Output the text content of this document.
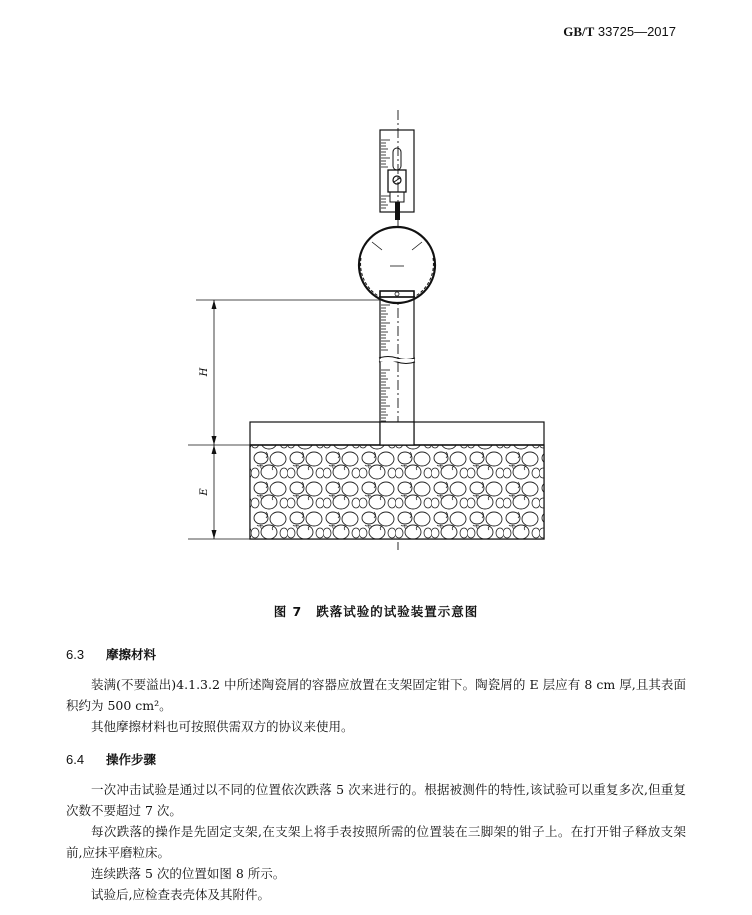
GB/T 33725—2017
H
E
图 7 跌落试验的试验装置示意图
6.3 摩擦材料

装满(不要溢出)4.1.3.2 中所述陶瓷屑的容器应放置在支架固定钳下。陶瓷屑的 E 层应有 8 cm 厚,且其表面积约为 500 cm²。

其他摩擦材料也可按照供需双方的协议来使用。

6.4 操作步骤

一次冲击试验是通过以不同的位置依次跌落 5 次来进行的。根据被测件的特性,该试验可以重复多次,但重复次数不要超过 7 次。

每次跌落的操作是先固定支架,在支架上将手表按照所需的位置装在三脚架的钳子上。在打开钳子释放支架前,应抹平磨粒床。

连续跌落 5 次的位置如图 8 所示。

试验后,应检查表壳体及其附件。
